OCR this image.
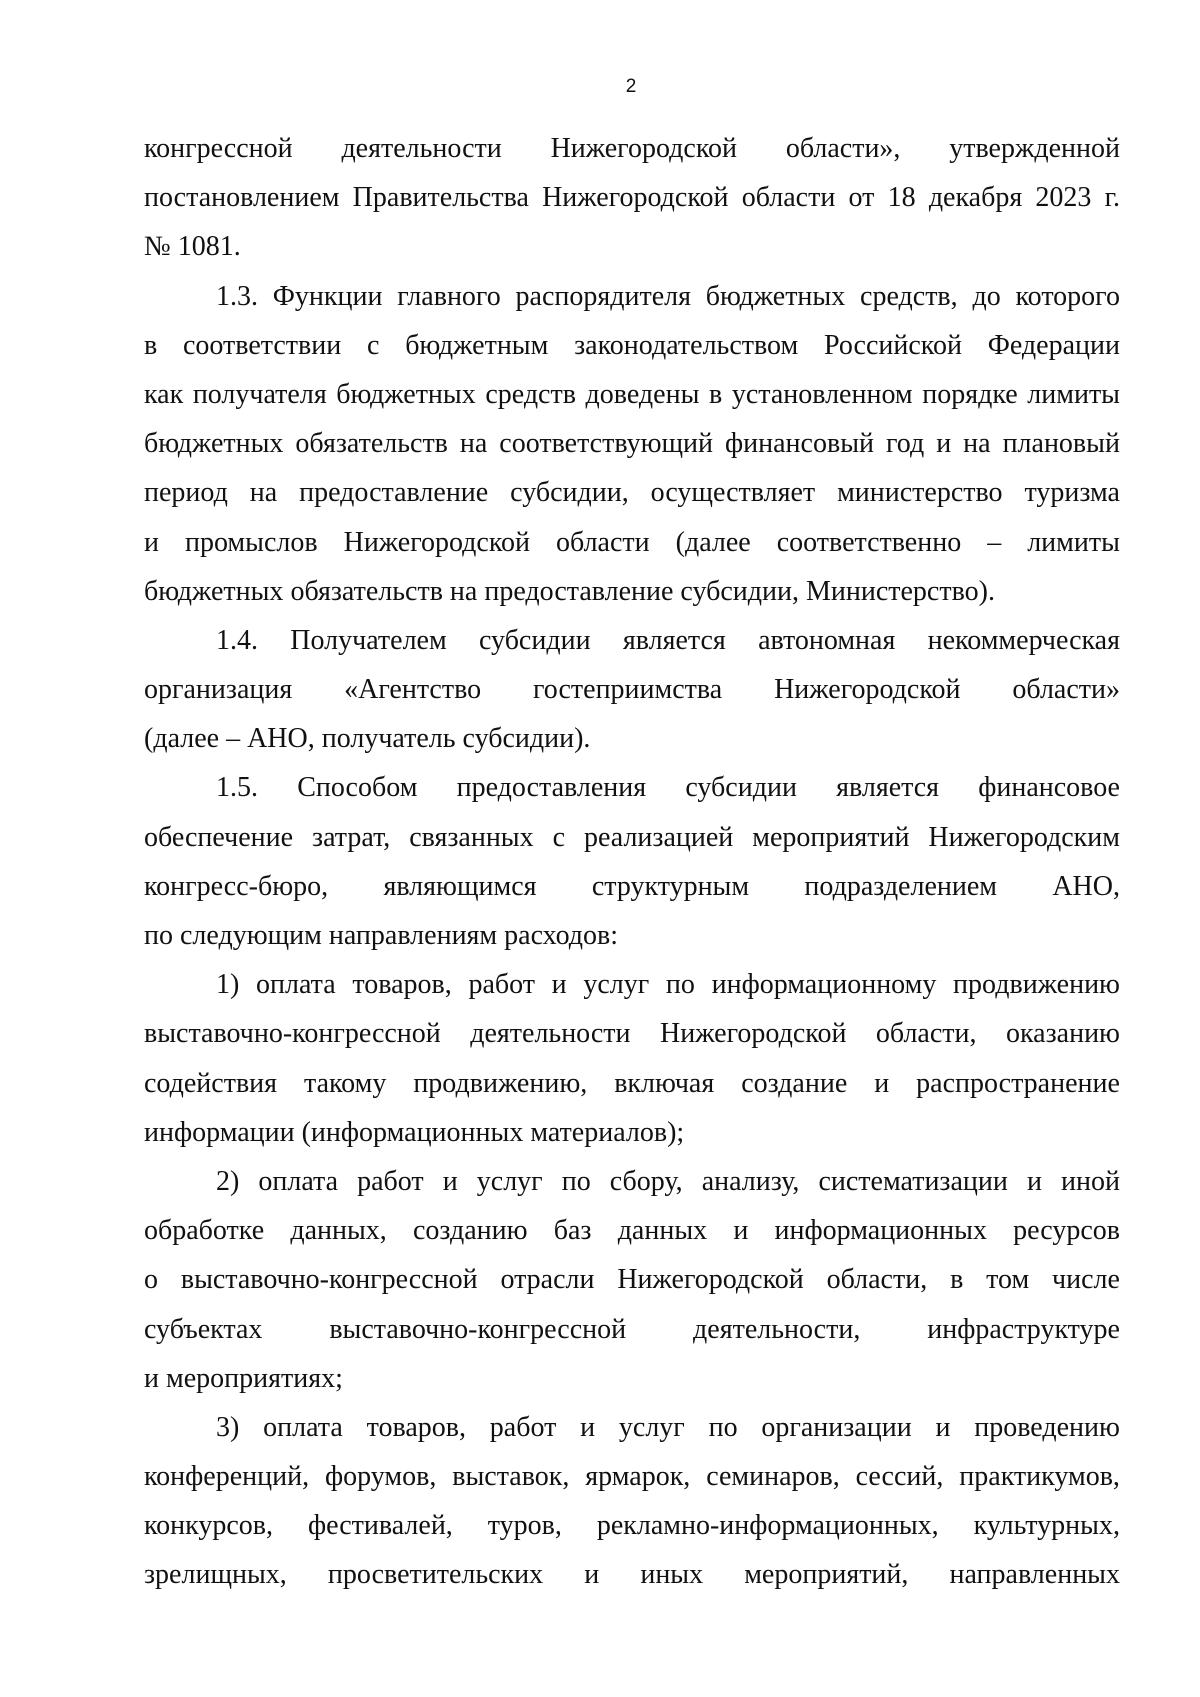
2
конгрессной деятельности Нижегородской области», утвержденной
постановлением Правительства Нижегородской области от 18 декабря 2023 г.
№ 1081.
1.3. Функции главного распорядителя бюджетных средств, до которого
в соответствии с бюджетным законодательством Российской Федерации
как получателя бюджетных средств доведены в установленном порядке лимиты
бюджетных обязательств на соответствующий финансовый год и на плановый
период на предоставление субсидии, осуществляет министерство туризма
и промыслов Нижегородской области (далее соответственно – лимиты
бюджетных обязательств на предоставление субсидии, Министерство).
1.4. Получателем субсидии является автономная некоммерческая
организация «Агентство гостеприимства Нижегородской области»
(далее – АНО, получатель субсидии).
1.5. Способом предоставления субсидии является финансовое
обеспечение затрат, связанных с реализацией мероприятий Нижегородским
конгресс-бюро, являющимся структурным подразделением АНО,
по следующим направлениям расходов:
1) оплата товаров, работ и услуг по информационному продвижению
выставочно-конгрессной деятельности Нижегородской области, оказанию
содействия такому продвижению, включая создание и распространение
информации (информационных материалов);
2) оплата работ и услуг по сбору, анализу, систематизации и иной
обработке данных, созданию баз данных и информационных ресурсов
о выставочно-конгрессной отрасли Нижегородской области, в том числе
субъектах выставочно-конгрессной деятельности, инфраструктуре
и мероприятиях;
3) оплата товаров, работ и услуг по организации и проведению
конференций, форумов, выставок, ярмарок, семинаров, сессий, практикумов,
конкурсов, фестивалей, туров, рекламно-информационных, культурных,
зрелищных, просветительских и иных мероприятий, направленных
